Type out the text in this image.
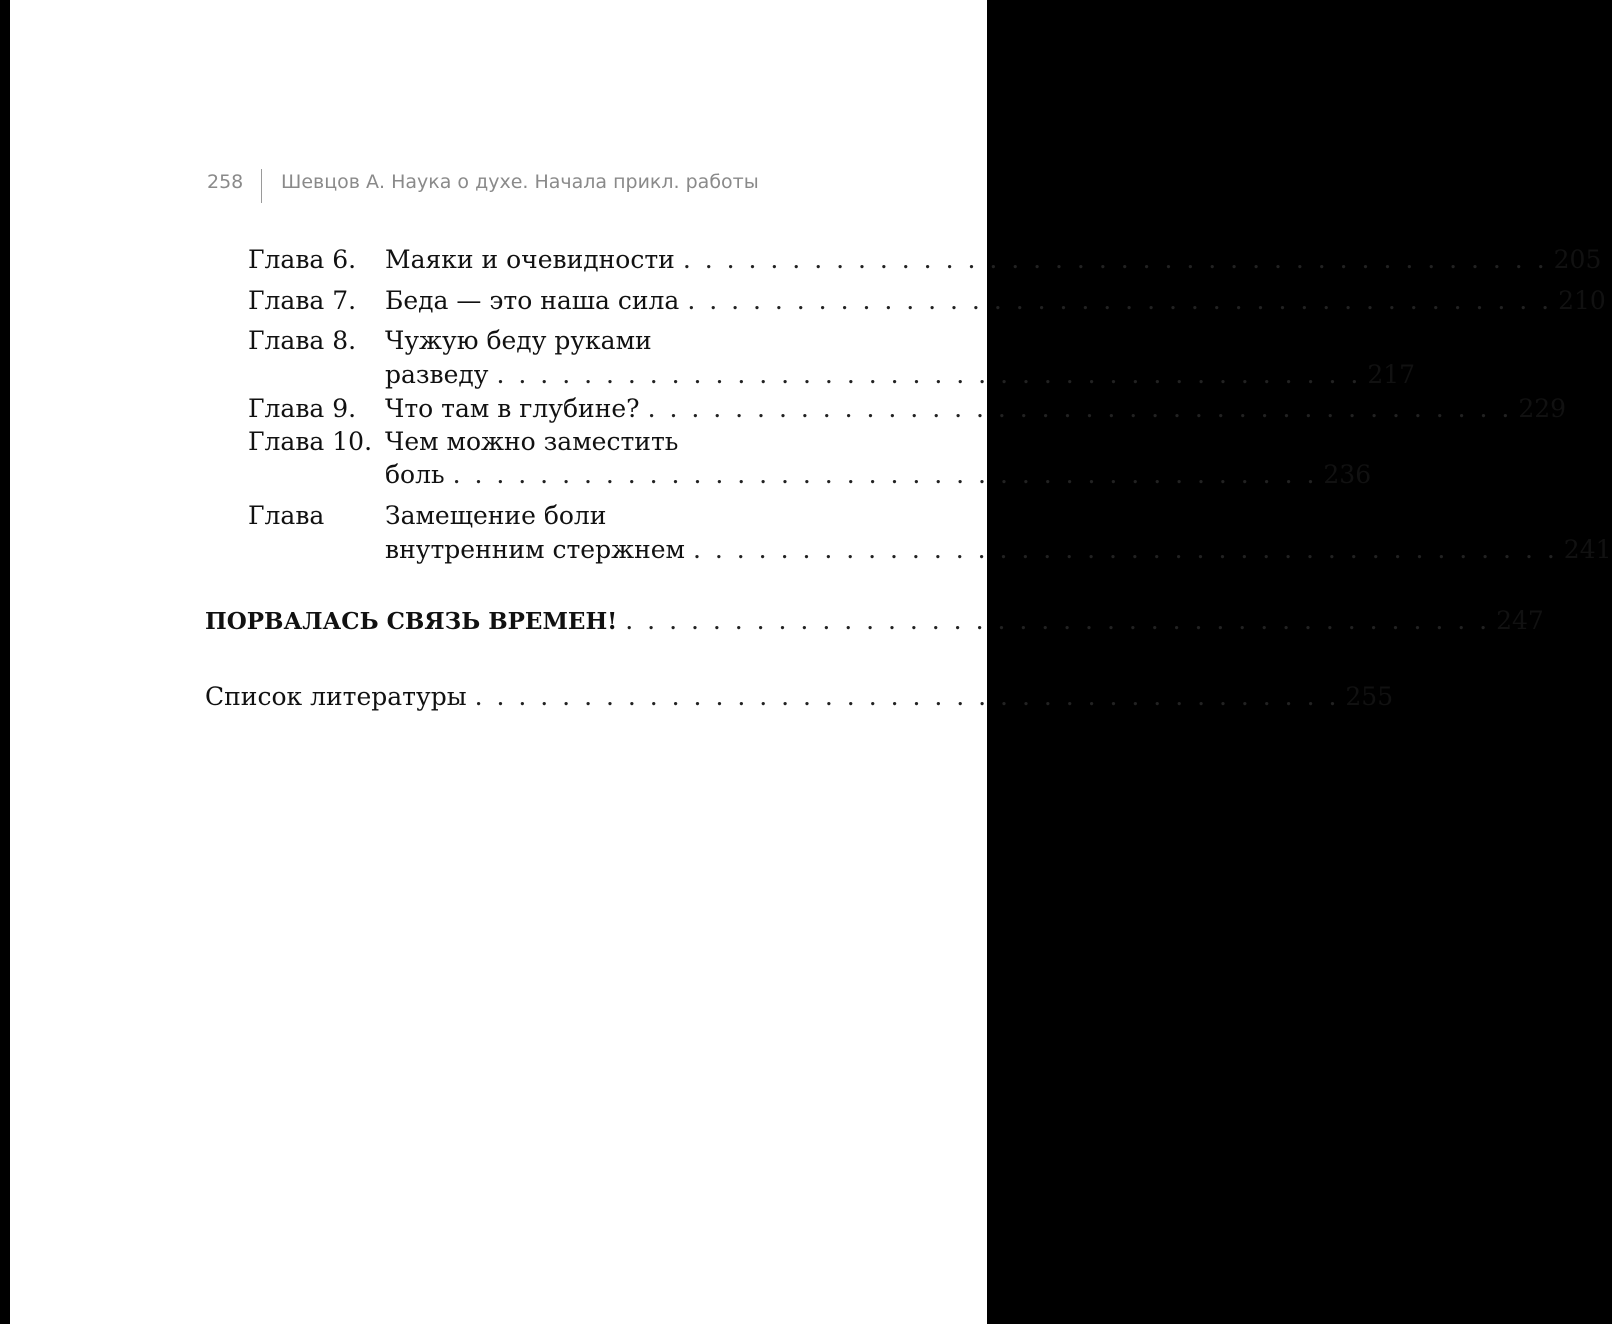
258 Шевцов А. Наука о духе. Начала прикл. работы
Глава 6. Маяки и очевидности . . . . . . . . . . . . . . . . . . . . . . . . . . . . . . . . . . . . . . . . 205
Глава 7. Беда — это наша сила . . . . . . . . . . . . . . . . . . . . . . . . . . . . . . . . . . . . . . . . 210
Глава 8. Чужую беду руками
разведу . . . . . . . . . . . . . . . . . . . . . . . . . . . . . . . . . . . . . . . . 217
Глава 9. Что там в глубине? . . . . . . . . . . . . . . . . . . . . . . . . . . . . . . . . . . . . . . . . 229
Глава 10. Чем можно заместить
боль . . . . . . . . . . . . . . . . . . . . . . . . . . . . . . . . . . . . . . . . 236
Глава Замещение боли
внутренним стержнем . . . . . . . . . . . . . . . . . . . . . . . . . . . . . . . . . . . . . . . . 241
ПОРВАЛАСЬ СВЯЗЬ ВРЕМЕН! . . . . . . . . . . . . . . . . . . . . . . . . . . . . . . . . . . . . . . . . 247
Список литературы . . . . . . . . . . . . . . . . . . . . . . . . . . . . . . . . . . . . . . . . 255
